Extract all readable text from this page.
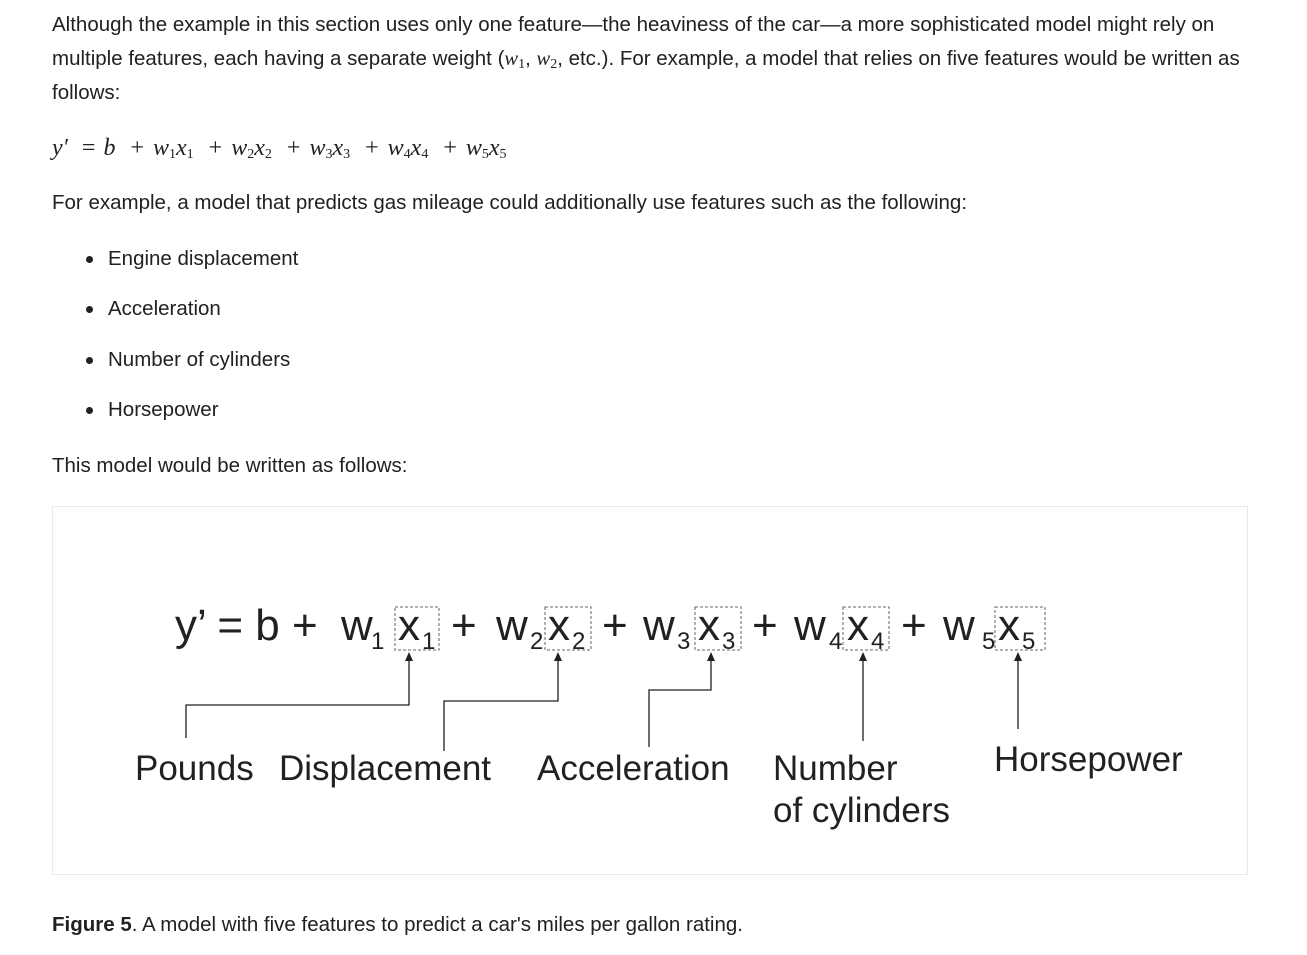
Although the example in this section uses only one feature—the heaviness of the car—a more sophisticated model might rely on multiple features, each having a separate weight ($w_1$, $w_2$, etc.). For example, a model that relies on five features would be written as follows:

$y' = b + w_1x_1 + w_2x_2 + w_3x_3 + w_4x_4 + w_5x_5$

For example, a model that predicts gas mileage could additionally use features such as the following:

Engine displacement
Acceleration
Number of cylinders
Horsepower

This model would be written as follows:

y’ = b + w
1 x 1 + w 2 x 2 + w 3 x 3 + w 4 x 4 + w 5 x 5
Pounds Displacement Acceleration Number
of cylinders
Horsepower

Figure 5. A model with five features to predict a car's miles per gallon rating.
